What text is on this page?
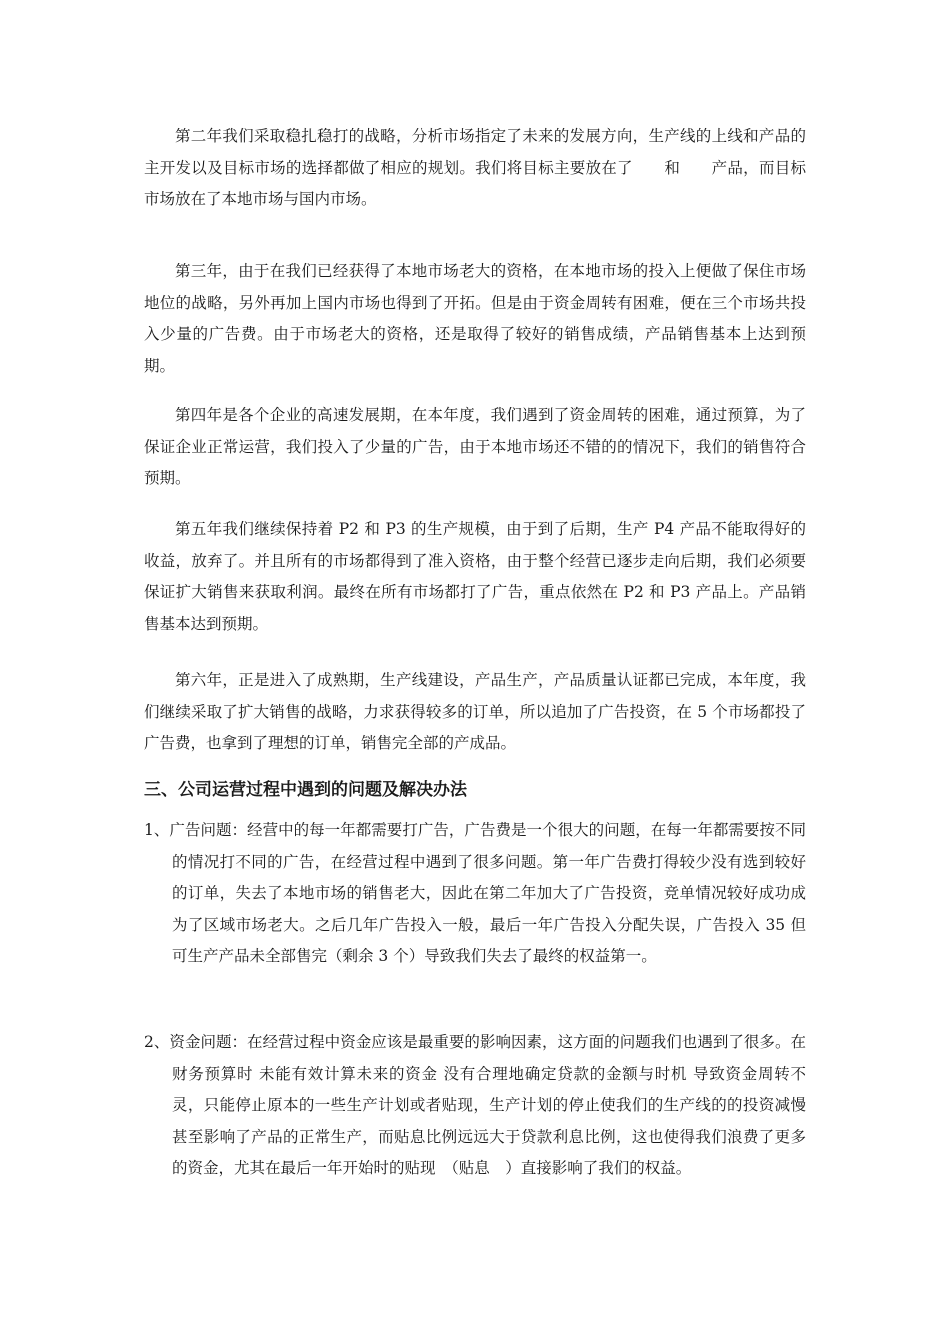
第二年我们采取稳扎稳打的战略，分析市场指定了未来的发展方向，生产线的上线和产品的主开发以及目标市场的选择都做了相应的规划。我们将目标主要放在了　　和　　产品，而目标市场放在了本地市场与国内市场。

第三年，由于在我们已经获得了本地市场老大的资格，在本地市场的投入上便做了保住市场地位的战略，另外再加上国内市场也得到了开拓。但是由于资金周转有困难，便在三个市场共投入少量的广告费。由于市场老大的资格，还是取得了较好的销售成绩，产品销售基本上达到预期。

第四年是各个企业的高速发展期，在本年度，我们遇到了资金周转的困难，通过预算，为了保证企业正常运营，我们投入了少量的广告，由于本地市场还不错的的情况下，我们的销售符合预期。

第五年我们继续保持着 P2 和 P3 的生产规模，由于到了后期，生产 P4 产品不能取得好的收益，放弃了。并且所有的市场都得到了准入资格，由于整个经营已逐步走向后期，我们必须要保证扩大销售来获取利润。最终在所有市场都打了广告，重点依然在 P2 和 P3 产品上。产品销售基本达到预期。

第六年，正是进入了成熟期，生产线建设，产品生产，产品质量认证都已完成，本年度，我们继续采取了扩大销售的战略，力求获得较多的订单，所以追加了广告投资，在 5 个市场都投了广告费，也拿到了理想的订单，销售完全部的产成品。

三、公司运营过程中遇到的问题及解决办法

1、广告问题：经营中的每一年都需要打广告，广告费是一个很大的问题，在每一年都需要按不同的情况打不同的广告，在经营过程中遇到了很多问题。第一年广告费打得较少没有选到较好的订单，失去了本地市场的销售老大，因此在第二年加大了广告投资，竞单情况较好成功成为了区域市场老大。之后几年广告投入一般，最后一年广告投入分配失误，广告投入 35 但可生产产品未全部售完（剩余 3 个）导致我们失去了最终的权益第一。

2、资金问题：在经营过程中资金应该是最重要的影响因素，这方面的问题我们也遇到了很多。在财务预算时 未能有效计算未来的资金 没有合理地确定贷款的金额与时机 导致资金周转不灵，只能停止原本的一些生产计划或者贴现，生产计划的停止使我们的生产线的的投资减慢甚至影响了产品的正常生产，而贴息比例远远大于贷款利息比例，这也使得我们浪费了更多的资金，尤其在最后一年开始时的贴现　（贴息　）直接影响了我们的权益。
